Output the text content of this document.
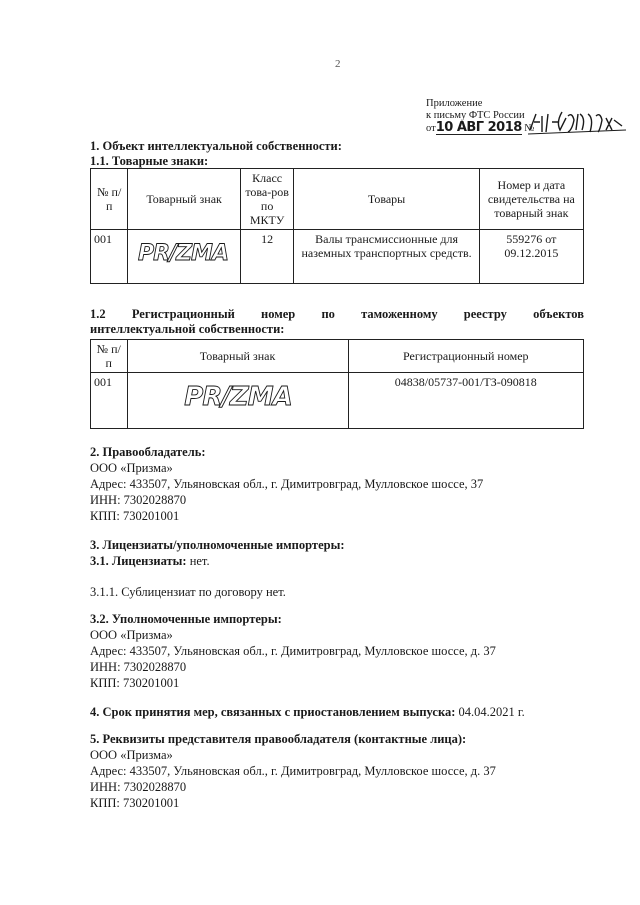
2
Приложение
к письму ФТС России
от10 АВГ 2018 №
1. Объект интеллектуальной собственности:
1.1. Товарные знаки:
№ п/п	Товарный знак	Класс това-ров по МКТУ	Товары	Номер и дата свидетельства на товарный знак
001	PR/ZMA	12	Валы трансмиссионные для наземных транспортных средств.	559276 от 09.12.2015
1.2    Регистрационный    номер    по    таможенному    реестру    объектов интеллектуальной собственности:
№ п/п	Товарный знак	Регистрационный номер
001	PR/ZMA	04838/05737-001/ТЗ-090818
2. Правообладатель:
ООО «Призма»
Адрес: 433507, Ульяновская обл., г. Димитровград, Мулловское шоссе, 37
ИНН: 7302028870
КПП: 730201001
3. Лицензиаты/уполномоченные импортеры:
3.1. Лицензиаты: нет.
3.1.1. Сублицензиат по договору нет.
3.2. Уполномоченные импортеры:
ООО «Призма»
Адрес: 433507, Ульяновская обл., г. Димитровград, Мулловское шоссе, д. 37
ИНН: 7302028870
КПП: 730201001
4. Срок принятия мер, связанных с приостановлением выпуска: 04.04.2021 г.
5. Реквизиты представителя правообладателя (контактные лица):
ООО «Призма»
Адрес: 433507, Ульяновская обл., г. Димитровград, Мулловское шоссе, д. 37
ИНН: 7302028870
КПП: 730201001
